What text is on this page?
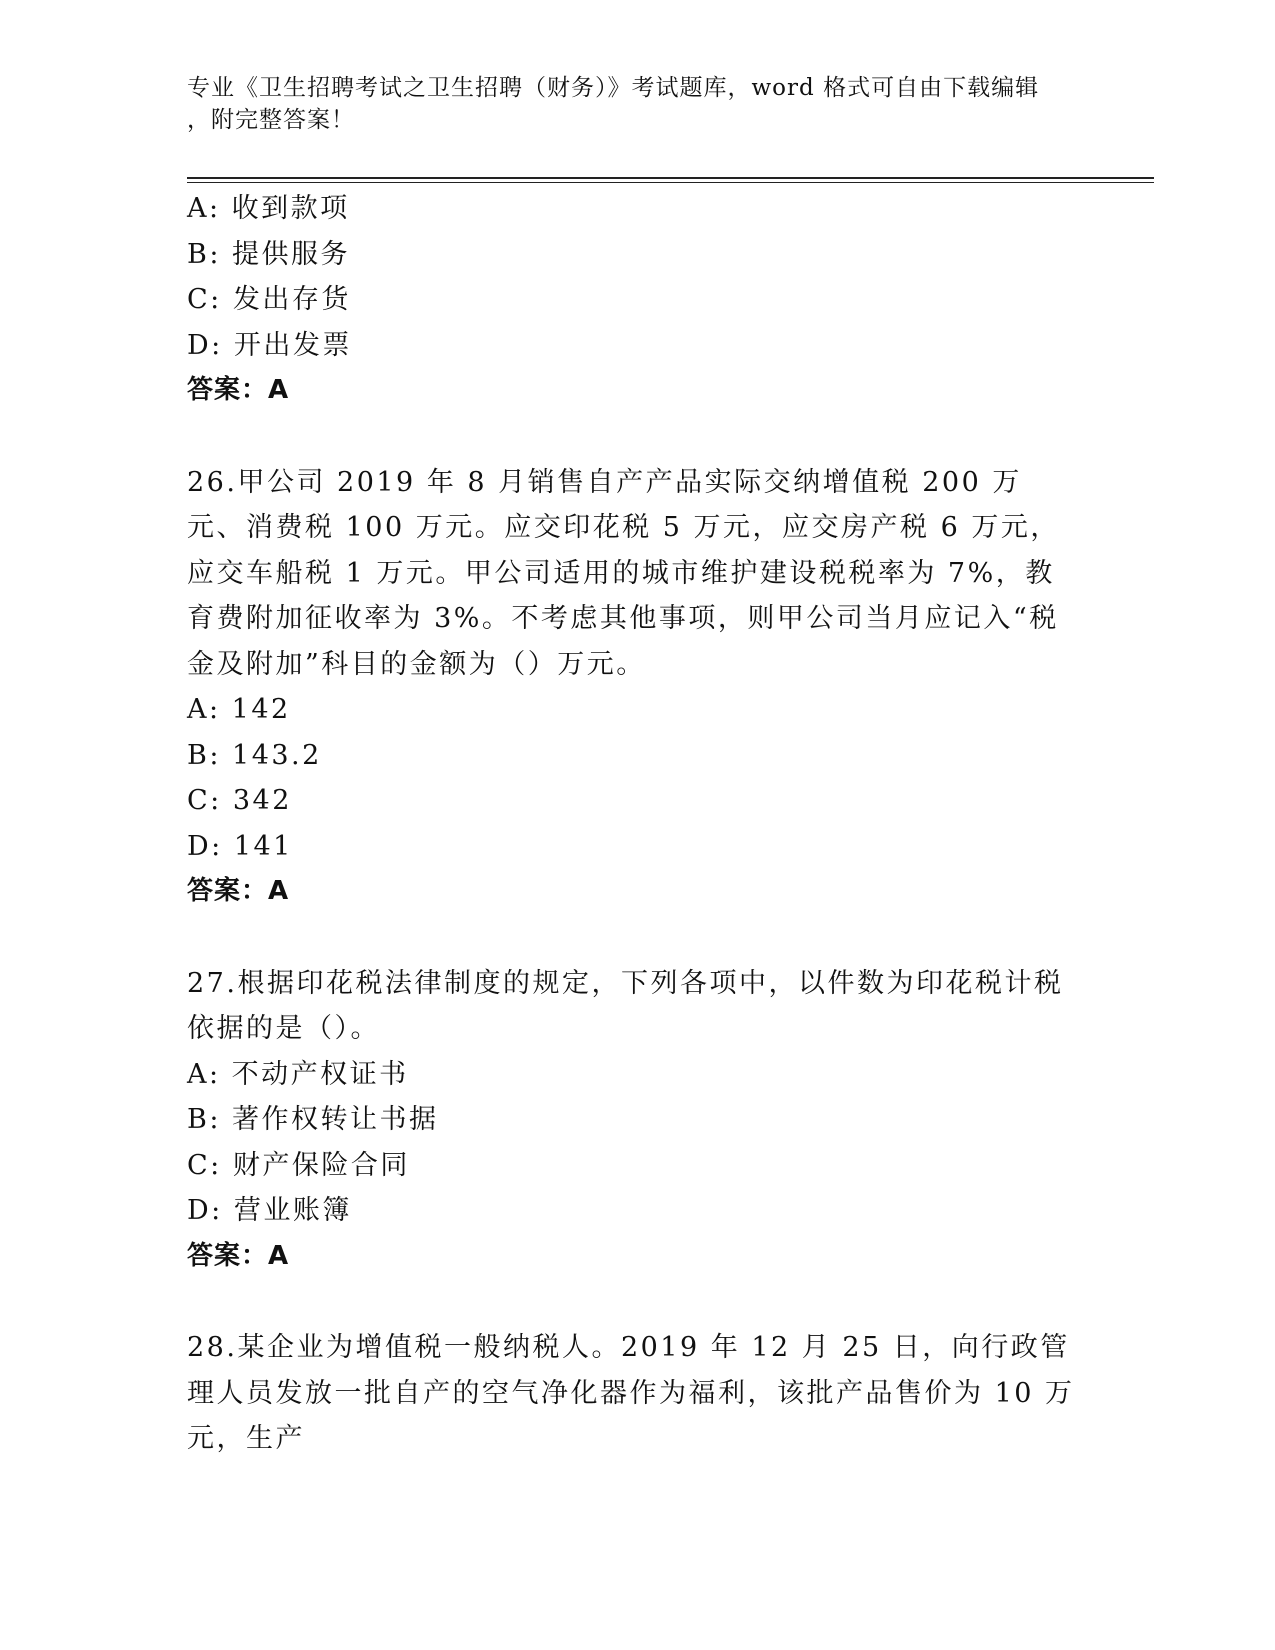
专业《卫生招聘考试之卫生招聘（财务）》考试题库，word 格式可自由下载编辑
，附完整答案！
A: 收到款项
B: 提供服务
C: 发出存货
D: 开出发票
答案：A
26.甲公司 2019 年 8 月销售自产产品实际交纳增值税 200 万元、消费税 100 万元。应交印花税 5 万元，应交房产税 6 万元，应交车船税 1 万元。甲公司适用的城市维护建设税税率为 7%，教育费附加征收率为 3%。不考虑其他事项，则甲公司当月应记入“税金及附加”科目的金额为（）万元。
A: 142
B: 143.2
C: 342
D: 141
答案：A
27.根据印花税法律制度的规定，下列各项中，以件数为印花税计税依据的是（）。
A: 不动产权证书
B: 著作权转让书据
C: 财产保险合同
D: 营业账簿
答案：A
28.某企业为增值税一般纳税人。2019 年 12 月 25 日，向行政管理人员发放一批自产的空气净化器作为福利，该批产品售价为 10 万元，生产
